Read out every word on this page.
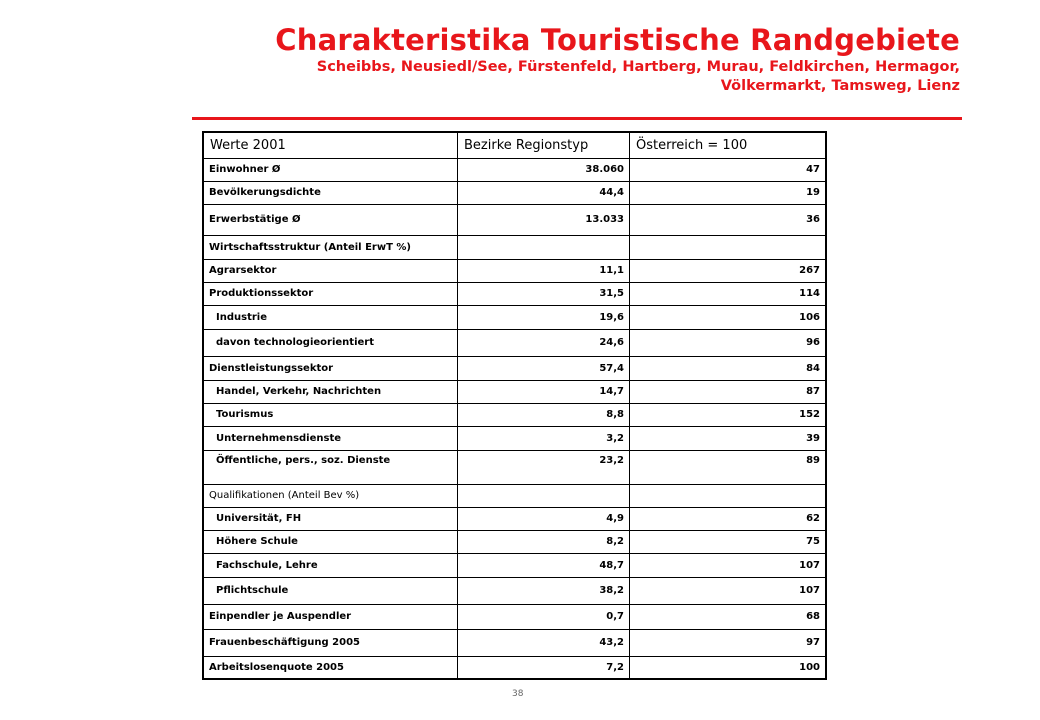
Charakteristika Touristische Randgebiete
Scheibbs, Neusiedl/See, Fürstenfeld, Hartberg, Murau, Feldkirchen, Hermagor,
Völkermarkt, Tamsweg, Lienz
Werte 2001	Bezirke Regionstyp	Österreich = 100
Einwohner Ø	38.060	47
Bevölkerungsdichte	44,4	19
Erwerbstätige Ø	13.033	36
Wirtschaftsstruktur (Anteil ErwT %)		
Agrarsektor	11,1	267
Produktionssektor	31,5	114
Industrie	19,6	106
davon technologieorientiert	24,6	96
Dienstleistungssektor	57,4	84
Handel, Verkehr, Nachrichten	14,7	87
Tourismus	8,8	152
Unternehmensdienste	3,2	39
Öffentliche, pers., soz. Dienste	23,2	89
Qualifikationen (Anteil Bev %)		
Universität, FH	4,9	62
Höhere Schule	8,2	75
Fachschule, Lehre	48,7	107
Pflichtschule	38,2	107
Einpendler je Auspendler	0,7	68
Frauenbeschäftigung 2005	43,2	97
Arbeitslosenquote 2005	7,2	100
38
